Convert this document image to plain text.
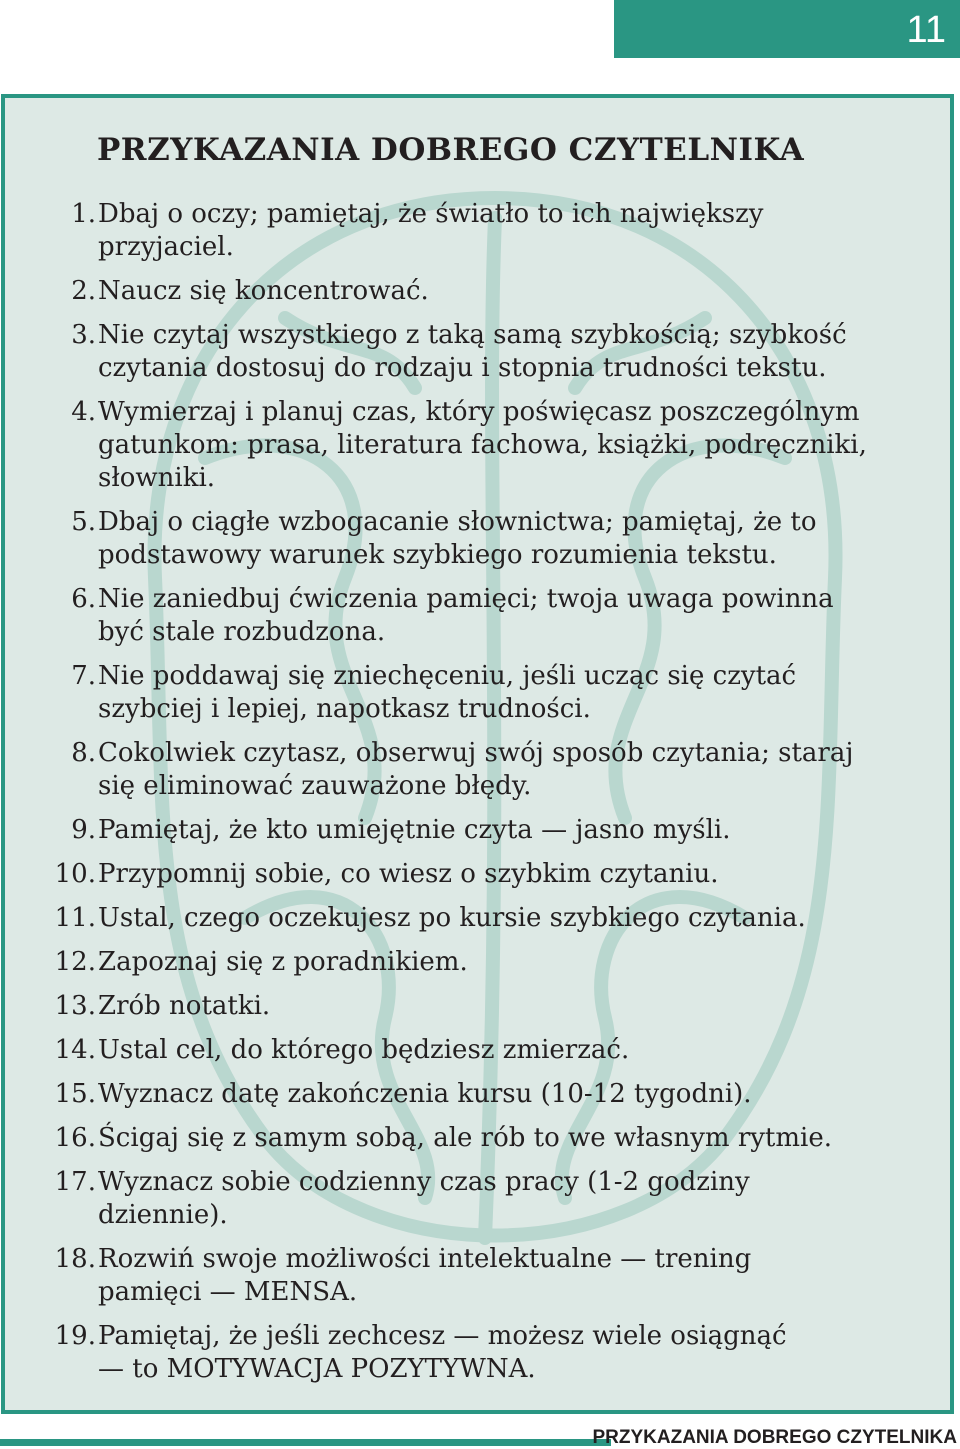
11
PRZYKAZANIA DOBREGO CZYTELNIKA
1. Dbaj o oczy; pamiętaj, że światło to ich największy
przyjaciel.
2. Naucz się koncentrować.
3. Nie czytaj wszystkiego z taką samą szybkością; szybkość
czytania dostosuj do rodzaju i stopnia trudności tekstu.
4. Wymierzaj i planuj czas, który poświęcasz poszczególnym
gatunkom: prasa, literatura fachowa, książki, podręczniki,
słowniki.
5. Dbaj o ciągłe wzbogacanie słownictwa; pamiętaj, że to
podstawowy warunek szybkiego rozumienia tekstu.
6. Nie zaniedbuj ćwiczenia pamięci; twoja uwaga powinna
być stale rozbudzona.
7. Nie poddawaj się zniechęceniu, jeśli ucząc się czytać
szybciej i lepiej, napotkasz trudności.
8. Cokolwiek czytasz, obserwuj swój sposób czytania; staraj
się eliminować zauważone błędy.
9. Pamiętaj, że kto umiejętnie czyta — jasno myśli.
10. Przypomnij sobie, co wiesz o szybkim czytaniu.
11. Ustal, czego oczekujesz po kursie szybkiego czytania.
12. Zapoznaj się z poradnikiem.
13. Zrób notatki.
14. Ustal cel, do którego będziesz zmierzać.
15. Wyznacz datę zakończenia kursu (10-12 tygodni).
16. Ścigaj się z samym sobą, ale rób to we własnym rytmie.
17. Wyznacz sobie codzienny czas pracy (1-2 godziny
dziennie).
18. Rozwiń swoje możliwości intelektualne — trening
pamięci — MENSA.
19. Pamiętaj, że jeśli zechcesz — możesz wiele osiągnąć
— to MOTYWACJA POZYTYWNA.
PRZYKAZANIA DOBREGO CZYTELNIKA
